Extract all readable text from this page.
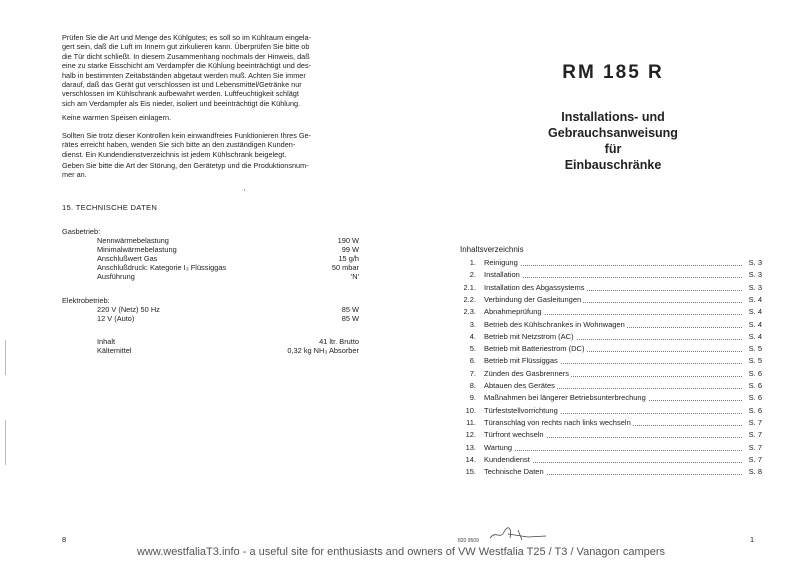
Prüfen Sie die Art und Menge des Kühlgutes; es soll so im Kühlraum eingela-
gert sein, daß die Luft im Innern gut zirkulieren kann. Überprüfen Sie bitte ob
die Tür dicht schließt. In diesem Zusammenhang nochmals der Hinweis, daß
eine zu starke Eisschicht am Verdampfer die Kühlung beeinträchtigt und des-
halb in bestimmten Zeitabständen abgetaut werden muß. Achten Sie immer
darauf, daß das Gerät gut verschlossen ist und Lebensmittel/Getränke nur
verschlossen im Kühlschrank aufbewahrt werden. Luftfeuchtigkeit schlägt
sich am Verdampfer als Eis nieder, isoliert und beeinträchtigt die Kühlung.
Keine warmen Speisen einlagern.
Sollten Sie trotz dieser Kontrollen kein einwandfreies Funktionieren Ihres Ge-
rätes erreicht haben, wenden Sie sich bitte an den zuständigen Kunden-
dienst. Ein Kundendienstverzeichnis ist jedem Kühlschrank beigelegt.
Geben Sie bitte die Art der Störung, den Gerätetyp und die Produktionsnum-
mer an.
15. TECHNISCHE DATEN
Gasbetrieb:
Nennwärmebelastung	190 W
Minimalwärmebelastung	99 W
Anschlußwert Gas	15 g/h
Anschlußdruck: Kategorie I₃ Flüssiggas	50 mbar
Ausführung	'N'
Elektrobetrieb:
220 V (Netz) 50 Hz	85 W
12 V (Auto)	85 W
Inhalt	41 ltr. Brutto
Kältemittel	0,32 kg NH₃ Absorber
8
RM 185 R
Installations- und
Gebrauchsanweisung
für
Einbauschränke
Inhaltsverzeichnis
1. Reinigung	S. 3
2. Installation	S. 3
2.1. Installation des Abgassystems	S. 3
2.2. Verbindung der Gasleitungen	S. 4
2.3. Abnahmeprüfung	S. 4
3. Betrieb des Kühlschrankes in Wohnwagen	S. 4
4. Betrieb mit Netzstrom (AC)	S. 4
5. Betrieb mit Batteriestrom (DC)	S. 5
6. Betrieb mit Flüssiggas	S. 5
7. Zünden des Gasbrenners	S. 6
8. Abtauen des Gerätes	S. 6
9. Maßnahmen bei längerer Betriebsunterbrechung	S. 6
10. Türfeststellvorrichtung	S. 6
11. Türanschlag von rechts nach links wechseln	S. 7
12. Türfront wechseln	S. 7
13. Wartung	S. 7
14. Kundendienst	S. 7
15. Technische Daten	S. 8
820 9509	1
www.westfaliaT3.info - a useful site for enthusiasts and owners of VW Westfalia T25 / T3 / Vanagon campers
